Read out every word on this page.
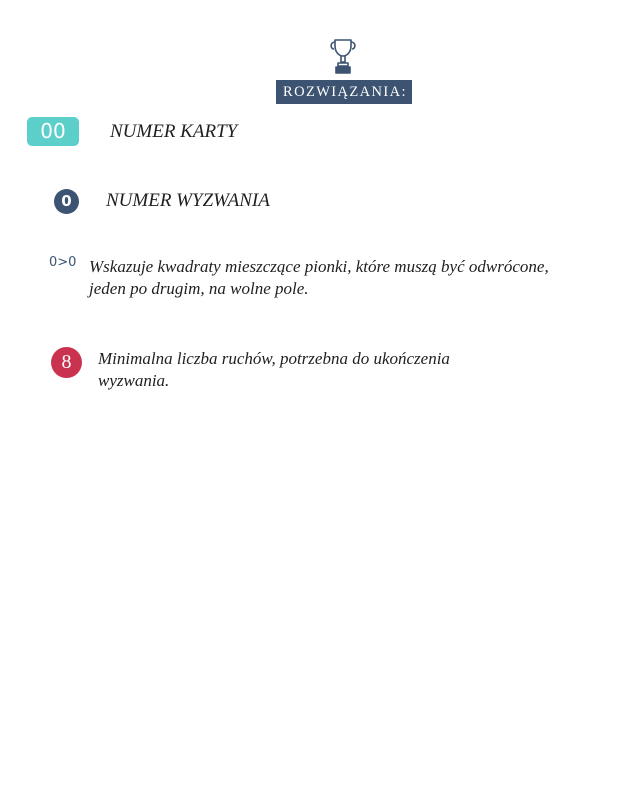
ROZWIĄZANIA:
00	NUMER KARTY
0	NUMER WYZWANIA
0>0 Wskazuje kwadraty mieszczące pionki, które muszą być odwrócone,
jeden po drugim, na wolne pole.
8	Minimalna liczba ruchów, potrzebna do ukończenia
wyzwania.
